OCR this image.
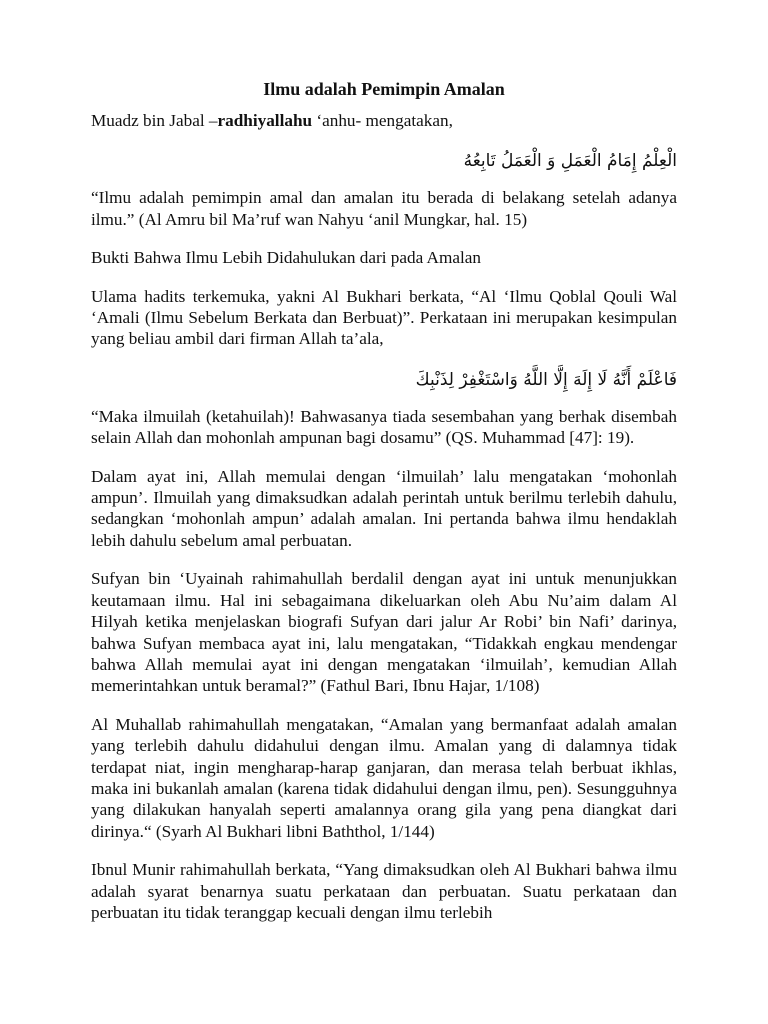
Ilmu adalah Pemimpin Amalan

Muadz bin Jabal –radhiyallahu ‘anhu- mengatakan,

الْعِلْمُ إِمَامُ الْعَمَلِ وَ الْعَمَلُ تَابِعُهُ

“Ilmu adalah pemimpin amal dan amalan itu berada di belakang setelah adanya ilmu.” (Al Amru bil Ma’ruf wan Nahyu ‘anil Mungkar, hal. 15)

Bukti Bahwa Ilmu Lebih Didahulukan dari pada Amalan

Ulama hadits terkemuka, yakni Al Bukhari berkata, “Al ‘Ilmu Qoblal Qouli Wal ‘Amali (Ilmu Sebelum Berkata dan Berbuat)”. Perkataan ini merupakan kesimpulan yang beliau ambil dari firman Allah ta’ala,

فَاعْلَمْ أَنَّهُ لَا إِلَهَ إِلَّا اللَّهُ وَاسْتَغْفِرْ لِذَنْبِكَ

“Maka ilmuilah (ketahuilah)! Bahwasanya tiada sesembahan yang berhak disembah selain Allah dan mohonlah ampunan bagi dosamu” (QS. Muhammad [47]: 19).

Dalam ayat ini, Allah memulai dengan ‘ilmuilah’ lalu mengatakan ‘mohonlah ampun’. Ilmuilah yang dimaksudkan adalah perintah untuk berilmu terlebih dahulu, sedangkan ‘mohonlah ampun’ adalah amalan. Ini pertanda bahwa ilmu hendaklah lebih dahulu sebelum amal perbuatan.

Sufyan bin ‘Uyainah rahimahullah berdalil dengan ayat ini untuk menunjukkan keutamaan ilmu. Hal ini sebagaimana dikeluarkan oleh Abu Nu’aim dalam Al Hilyah ketika menjelaskan biografi Sufyan dari jalur Ar Robi’ bin Nafi’ darinya, bahwa Sufyan membaca ayat ini, lalu mengatakan, “Tidakkah engkau mendengar bahwa Allah memulai ayat ini dengan mengatakan ‘ilmuilah’, kemudian Allah memerintahkan untuk beramal?” (Fathul Bari, Ibnu Hajar, 1/108)

Al Muhallab rahimahullah mengatakan, “Amalan yang bermanfaat adalah amalan yang terlebih dahulu didahului dengan ilmu. Amalan yang di dalamnya tidak terdapat niat, ingin mengharap-harap ganjaran, dan merasa telah berbuat ikhlas, maka ini bukanlah amalan (karena tidak didahului dengan ilmu, pen). Sesungguhnya yang dilakukan hanyalah seperti amalannya orang gila yang pena diangkat dari dirinya.“ (Syarh Al Bukhari libni Baththol, 1/144)

Ibnul Munir rahimahullah berkata, “Yang dimaksudkan oleh Al Bukhari bahwa ilmu adalah syarat benarnya suatu perkataan dan perbuatan. Suatu perkataan dan perbuatan itu tidak teranggap kecuali dengan ilmu terlebih
